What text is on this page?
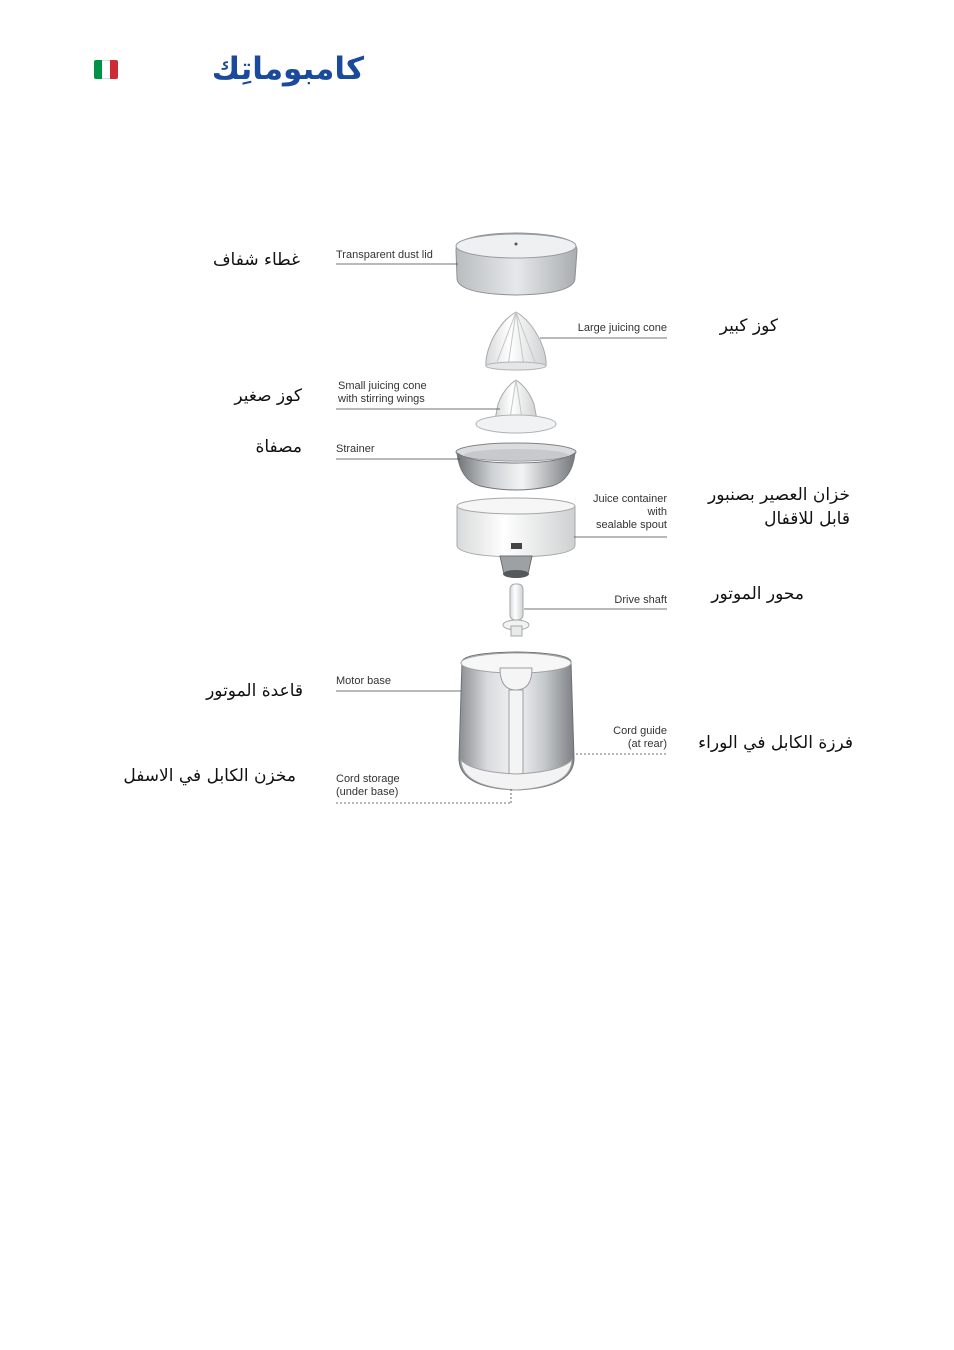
كامبوماتِك
Transparent dust lid
Large juicing cone
Small juicing cone
with stirring wings
Strainer
Juice container
with
sealable spout
Drive shaft
Motor base
Cord guide
(at rear)
Cord storage
(under base)
غطاء شفاف
كوز كبير
كوز صغير
مصفاة
خزان العصير بصنبور
قابل للاقفال
محور الموتور
قاعدة الموتور
فرزة الكابل في الوراء
مخزن الكابل في الاسفل
